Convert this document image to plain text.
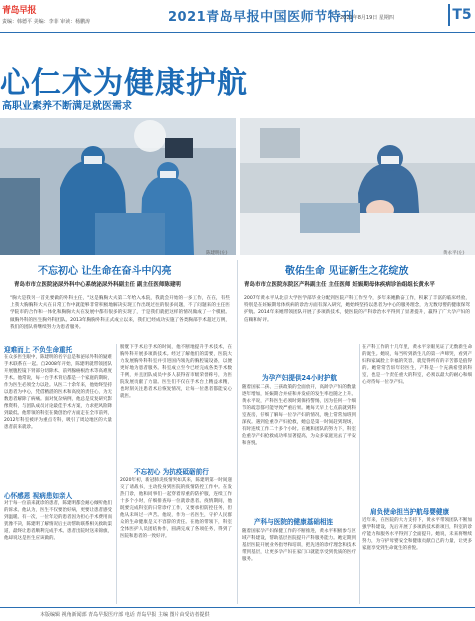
青岛早报
责编：韩德平 美编：李菲 审读：杨鹏涛	2021青岛早报中国医师节特刊
2021年8月19日 星期四	T5
心仁术为健康护航
高职业素养不断满足就医需求
陈建明(左)	黄永平(左)
不忘初心 让生命在奋斗中闪亮
青岛市市立医院泌尿外科中心系统泌尿外科副主任 副主任医师陈建明
"胸大是我另一首先要做的外科主任，"这是胸胸大夫第二年给入本院，我就会开始的一多工作，在在，有些上我大胸胸科大夫在日常工作中就能够非常积极地解决实现工作出现过往的很多问题，不了问题来的主任医学院市的合作和一体化和胸胸大夫在发展中都有很多的实现了，于是我们就把这样的情况做成了一个模板。做胸外科的医生胸外科团队。2013年胸胸外科正式成立以来，我们已经成功实施了各类胸部手术超过万例，我们的团队将继续努力为患者服务。
迎难而上 不负生命重托
在众多医生眼中，陈建明的名字总是和泌尿外科的疑难手术联系在一起。自2008年开始，陈建明就带领团队开展腹腔镜下肾部分切除术、前列腺癌根治术等高难度手术。他常说，每一台手术背后都是一个家庭的期盼，作为医生必须全力以赴。从医二十余年来，他始终坚持以患者为中心，凭借精湛的医术和高度的责任心，为无数患者解除了病痛。面对复杂病例，他总是反复研究影像资料，与团队成员讨论最佳手术方案，力求把风险降到最低。他带领的科室在微创治疗方面走在全市前列，2012年科室被评为重点专科，吸引了周边地区的大量患者前来就诊。
心怀感恩 视病患如亲人
对于每一位前来就诊的患者，陈建明都会耐心倾听他们的诉求。他认为，医生不仅要治好病，更要让患者感受到温暖。有一次，一位年迈的患者因为担心手术费用而犹豫不决，陈建明了解情况后主动帮助联系相关救助渠道，最终让患者顺利完成手术。患者出院时送来锦旗，他却说这是医生应该做的。
膀胱下手术后手术的时间，他不断地提升手术技术，在胸外科开展多项新技术。经过了解他们的需要，医院大力发展胸外科科室并引进国内领先的胸腔镜设备，以便更好地为患者服务。科室成立至今已经完成各类手术数千例，并且团队成员中多人获得省市级荣誉称号，为医院发展贡献了力量。医生们不仅在手术台上精益求精，也时刻关注患者术后恢复情况，让每一位患者都能安心就医。
不忘初心 为抗疫砥砺前行
2020年初，新冠肺炎疫情突如其来，陈建明第一时间递交了请战书，主动投身到医院的疫情防控工作中。在发热门诊，他和同事们一起穿着厚重的防护服，连续工作十多个小时，仔细排查每一位就诊患者。疫情期间，他既要完成科室的日常诊疗工作，又要承担防控任务，但他从未叫过一声苦。他说，作为一名医生，守护人民群众的生命健康是义不容辞的责任。在他的带领下，科室全体医护人员团结协作，圆满完成了各项任务，得到了医院和患者的一致好评。
敬佑生命 见证新生之花绽放
青岛市市立医院东院区产科副主任 主任医师 妊娠期母体疾病诊治组组长黄永平
2007年黄永平从北京大学医学部毕业分配到医院产科工作至今，多年来她勤奋工作，积累了丰富的临床经验，特别是在妊娠期母体疾病的诊治方面有深入研究，她始终坚持以患者为中心的服务理念，为无数母婴的健康保驾护航。2014年来她带领团队开展了多项新技术，使医院的产科诊治水平得到了显著提升，赢得了广大孕产妇的信赖和好评。
为孕产妇提供24小时护航
随着国家二孩、三孩政策的全面放开，高龄孕产妇的数量逐年增加，妊娠期合并症和并发症的发生率也随之上升。黄永平说，产科医生必须时刻保持警惕，因为任何一个细节的疏忽都可能导致严重后果。她每天早上七点前就到科室查房，仔细了解每一位孕产妇的情况，晚上常常加班到深夜。遇到危重孕产妇抢救，她总是第一时间赶到现场，有时连续工作二十多个小时。在她和团队的努力下，科室危重孕产妇抢救成功率显著提高，为众多家庭送去了平安和喜悦。
产科与医院的健康基础相连
随着国家孕产妇保健工作的不断推进，黄永平积极参与区域产科建设，帮助基层医院提升产科服务能力。她定期到基层医院开展业务指导和培训，把先进的诊疗理念和技术带到基层，让更多孕产妇在家门口就能享受到优质的医疗服务。
在产科工作的十几年里，黄永平亲眼见证了无数新生命的诞生。她说，每当听到新生儿的第一声啼哭，看到产妇和家属脸上幸福的笑容，就觉得所有的辛苦都是值得的。她常常告诉年轻医生，产科是一个充满希望的科室，也是一个责任重大的科室，必须以最大的耐心和细心对待每一位孕产妇。
肩负使命担当护航母婴健康
近年来，在医院的大力支持下，黄永平带领团队不断加强学科建设，先后开展了多项新技术新项目，科室的诊疗能力和服务水平得到了全面提升。她说，未来将继续努力，为守护母婴安全和健康贡献自己的力量，让更多家庭享受到生命诞生的喜悦。
本版编辑 视角新闻部 青岛早报医疗部 电话 青岛早报 主编 图片由受访者提供
